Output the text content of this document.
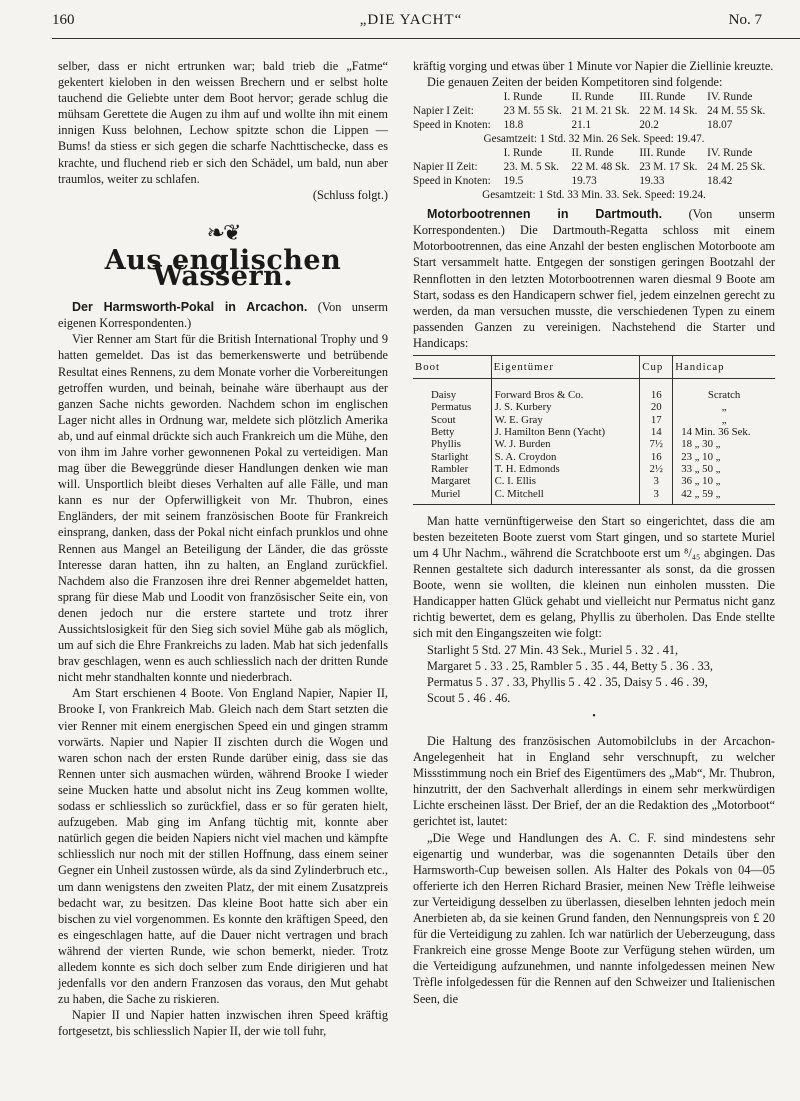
160	„DIE YACHT“	No. 7

selber, dass er nicht ertrunken war; bald trieb die „Fatme“ gekentert kieloben in den weissen Brechern und er selbst holte tauchend die Geliebte unter dem Boot hervor; gerade schlug die mühsam Gerettete die Augen zu ihm auf und wollte ihn mit einem innigen Kuss belohnen, Lechow spitzte schon die Lippen — Bums! da stiess er sich gegen die scharfe Nachttischecke, dass es krachte, und fluchend rieb er sich den Schädel, um bald, nun aber traumlos, weiter zu schlafen.

(Schluss folgt.)

❧❦
Aus englischen Wassern.

Der Harmsworth-Pokal in Arcachon. (Von unserm eigenen Korrespondenten.)

Vier Renner am Start für die British International Trophy und 9 hatten gemeldet. Das ist das bemerkenswerte und betrübende Resultat eines Rennens, zu dem Monate vorher die Vorbereitungen getroffen wurden, und beinah, beinahe wäre überhaupt aus der ganzen Sache nichts geworden. Nachdem schon im englischen Lager nicht alles in Ordnung war, meldete sich plötzlich Amerika ab, und auf einmal drückte sich auch Frankreich um die Mühe, den von ihm im Jahre vorher gewonnenen Pokal zu verteidigen. Man mag über die Beweggründe dieser Handlungen denken wie man will. Unsportlich bleibt dieses Verhalten auf alle Fälle, und man kann es nur der Opferwilligkeit von Mr. Thubron, eines Engländers, der mit seinem französischen Boote für Frankreich einsprang, danken, dass der Pokal nicht einfach prunklos und ohne Rennen aus Mangel an Beteiligung der Länder, die das grösste Interesse daran hatten, ihn zu halten, an England zurückfiel. Nachdem also die Franzosen ihre drei Renner abgemeldet hatten, sprang für diese Mab und Loodit von französischer Seite ein, von denen jedoch nur die erstere startete und trotz ihrer Aussichtslosigkeit für den Sieg sich soviel Mühe gab als möglich, um auf sich die Ehre Frankreichs zu laden. Mab hat sich jedenfalls brav geschlagen, wenn es auch schliesslich nach der dritten Runde nicht mehr standhalten konnte und niederbrach.

Am Start erschienen 4 Boote. Von England Napier, Napier II, Brooke I, von Frankreich Mab. Gleich nach dem Start setzten die vier Renner mit einem energischen Speed ein und gingen stramm vorwärts. Napier und Napier II zischten durch die Wogen und waren schon nach der ersten Runde darüber einig, dass sie das Rennen unter sich ausmachen würden, während Brooke I wieder seine Mucken hatte und absolut nicht ins Zeug kommen wollte, sodass er schliesslich so zurückfiel, dass er so für geraten hielt, aufzugeben. Mab ging im Anfang tüchtig mit, konnte aber natürlich gegen die beiden Napiers nicht viel machen und kämpfte schliesslich nur noch mit der stillen Hoffnung, dass einem seiner Gegner ein Unheil zustossen würde, als da sind Zylinderbruch etc., um dann wenigstens den zweiten Platz, der mit einem Zusatzpreis bedacht war, zu besitzen. Das kleine Boot hatte sich aber ein bischen zu viel vorgenommen. Es konnte den kräftigen Speed, den es eingeschlagen hatte, auf die Dauer nicht vertragen und brach während der vierten Runde, wie schon bemerkt, nieder. Trotz alledem konnte es sich doch selber zum Ende dirigieren und hat jedenfalls vor den andern Franzosen das voraus, den Mut gehabt zu haben, die Sache zu riskieren.

Napier II und Napier hatten inzwischen ihren Speed kräftig fortgesetzt, bis schliesslich Napier II, der wie toll fuhr,

kräftig vorging und etwas über 1 Minute vor Napier die Ziellinie kreuzte.

Die genauen Zeiten der beiden Kompetitoren sind folgende:

	I. Runde	II. Runde	III. Runde	IV. Runde
Napier I Zeit:	23 M. 55 Sk.	21 M. 21 Sk.	22 M. 14 Sk.	24 M. 55 Sk.
Speed in Knoten:	18.8	21.1	20.2	18.07
Gesamtzeit: 1 Std. 32 Min. 26 Sek. Speed: 19.47.				
	I. Runde	II. Runde	III. Runde	IV. Runde
Napier II Zeit:	23. M. 5 Sk.	22 M. 48 Sk.	23 M. 17 Sk.	24 M. 25 Sk.
Speed in Knoten:	19.5	19.73	19.33	18.42
Gesamtzeit: 1 Std. 33 Min. 33. Sek. Speed: 19.24.				

Motorbootrennen in Dartmouth. (Von unserm Korrespondenten.) Die Dartmouth-Regatta schloss mit einem Motorbootrennen, das eine Anzahl der besten englischen Motorboote am Start versammelt hatte. Entgegen der sonstigen geringen Bootzahl der Rennflotten in den letzten Motorbootrennen waren diesmal 9 Boote am Start, sodass es den Handicapern schwer fiel, jedem einzelnen gerecht zu werden, da man versuchen musste, die verschiedenen Typen zu einem passenden Ganzen zu vereinigen. Nachstehend die Starter und Handicaps:

Boot	Eigentümer	Cup	Handicap

Daisy	Forward Bros & Co.	16	Scratch
Permatus	J. S. Kurbery	20	„
Scout	W. E. Gray	17	„
Betty	J. Hamilton Benn (Yacht)	14	14 Min. 36 Sek.
Phyllis	W. J. Burden	7½	18 „ 30 „
Starlight	S. A. Croydon	16	23 „ 10 „
Rambler	T. H. Edmonds	2½	33 „ 50 „
Margaret	C. I. Ellis	3	36 „ 10 „
Muriel	C. Mitchell	3	42 „ 59 „

Man hatte vernünftigerweise den Start so eingerichtet, dass die am besten bezeiteten Boote zuerst vom Start gingen, und so startete Muriel um 4 Uhr Nachm., während die Scratchboote erst um ⁸/₄₅ abgingen. Das Rennen gestaltete sich dadurch interessanter als sonst, da die grossen Boote, wenn sie wollten, die kleinen nun einholen mussten. Die Handicapper hatten Glück gehabt und vielleicht nur Permatus nicht ganz richtig bewertet, dem es gelang, Phyllis zu überholen. Das Ende stellte sich mit den Eingangszeiten wie folgt:

Starlight 5 Std. 27 Min. 43 Sek., Muriel 5 . 32 . 41,

Margaret 5 . 33 . 25, Rambler 5 . 35 . 44, Betty 5 . 36 . 33,

Permatus 5 . 37 . 33, Phyllis 5 . 42 . 35, Daisy 5 . 46 . 39,

Scout 5 . 46 . 46.

•

Die Haltung des französischen Automobilclubs in der Arcachon-Angelegenheit hat in England sehr verschnupft, zu welcher Missstimmung noch ein Brief des Eigentümers des „Mab“, Mr. Thubron, hinzutritt, der den Sachverhalt allerdings in einem sehr merkwürdigen Lichte erscheinen lässt. Der Brief, der an die Redaktion des „Motorboot“ gerichtet ist, lautet:

„Die Wege und Handlungen des A. C. F. sind mindestens sehr eigenartig und wunderbar, was die sogenannten Details über den Harmsworth-Cup beweisen sollen. Als Halter des Pokals von 04—05 offerierte ich den Herren Richard Brasier, meinen New Trèfle leihweise zur Verteidigung desselben zu überlassen, dieselben lehnten jedoch mein Anerbieten ab, da sie keinen Grund fanden, den Nennungspreis von £ 20 für die Verteidigung zu zahlen. Ich war natürlich der Ueberzeugung, dass Frankreich eine grosse Menge Boote zur Verfügung stehen würden, um die Verteidigung aufzunehmen, und nannte infolgedessen meinen New Trèfle infolgedessen für die Rennen auf den Schweizer und Italienischen Seen, die
